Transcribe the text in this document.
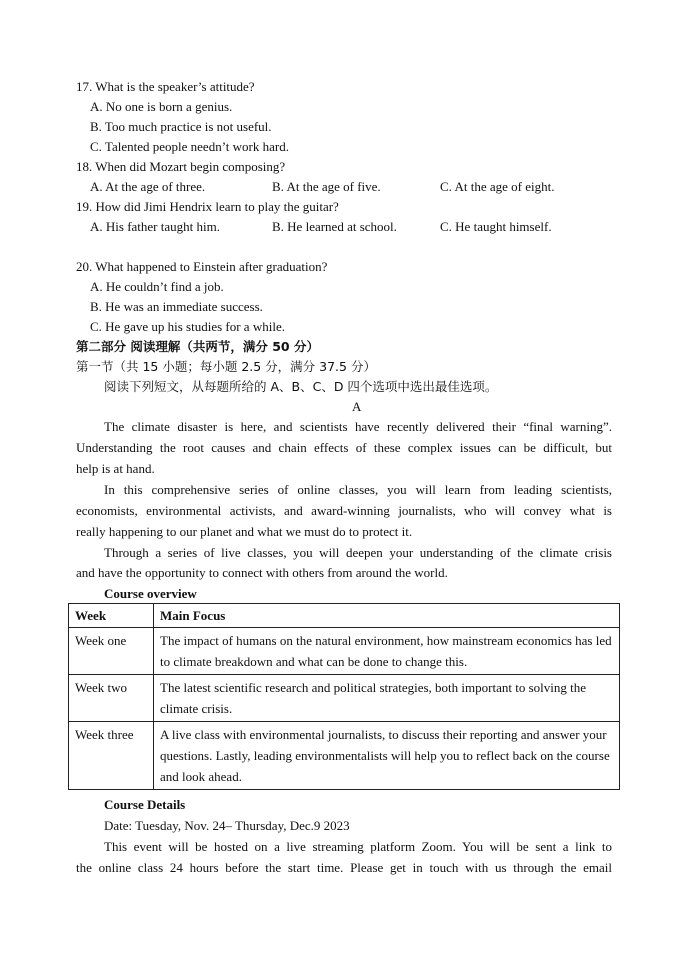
17. What is the speaker’s attitude?
A. No one is born a genius.
B. Too much practice is not useful.
C. Talented people needn’t work hard.
18. When did Mozart begin composing?
A. At the age of three.	B. At the age of five.	C. At the age of eight.
19. How did Jimi Hendrix learn to play the guitar?
A. His father taught him.	B. He learned at school.	C. He taught himself.
20. What happened to Einstein after graduation?
A. He couldn’t find a job.
B. He was an immediate success.
C. He gave up his studies for a while.
第二部分 阅读理解（共两节，满分 50 分）
第一节（共 15 小题；每小题 2.5 分，满分 37.5 分）
阅读下列短文，从每题所给的 A、B、C、D 四个选项中选出最佳选项。
A
The climate disaster is here, and scientists have recently delivered their “final warning”.
Understanding the root causes and chain effects of these complex issues can be difficult, but
help is at hand.
In this comprehensive series of online classes, you will learn from leading scientists,
economists, environmental activists, and award-winning journalists, who will convey what is
really happening to our planet and what we must do to protect it.
Through a series of live classes, you will deepen your understanding of the climate crisis
and have the opportunity to connect with others from around the world.
Course overview
Week	Main Focus
Week one	The impact of humans on the natural environment, how mainstream economics has led to climate breakdown and what can be done to change this.
Week two	The latest scientific research and political strategies, both important to solving the climate crisis.
Week three	A live class with environmental journalists, to discuss their reporting and answer your questions. Lastly, leading environmentalists will help you to reflect back on the course and look ahead.
Course Details
Date: Tuesday, Nov. 24– Thursday, Dec.9 2023
This event will be hosted on a live streaming platform Zoom. You will be sent a link to
the online class 24 hours before the start time. Please get in touch with us through the email
